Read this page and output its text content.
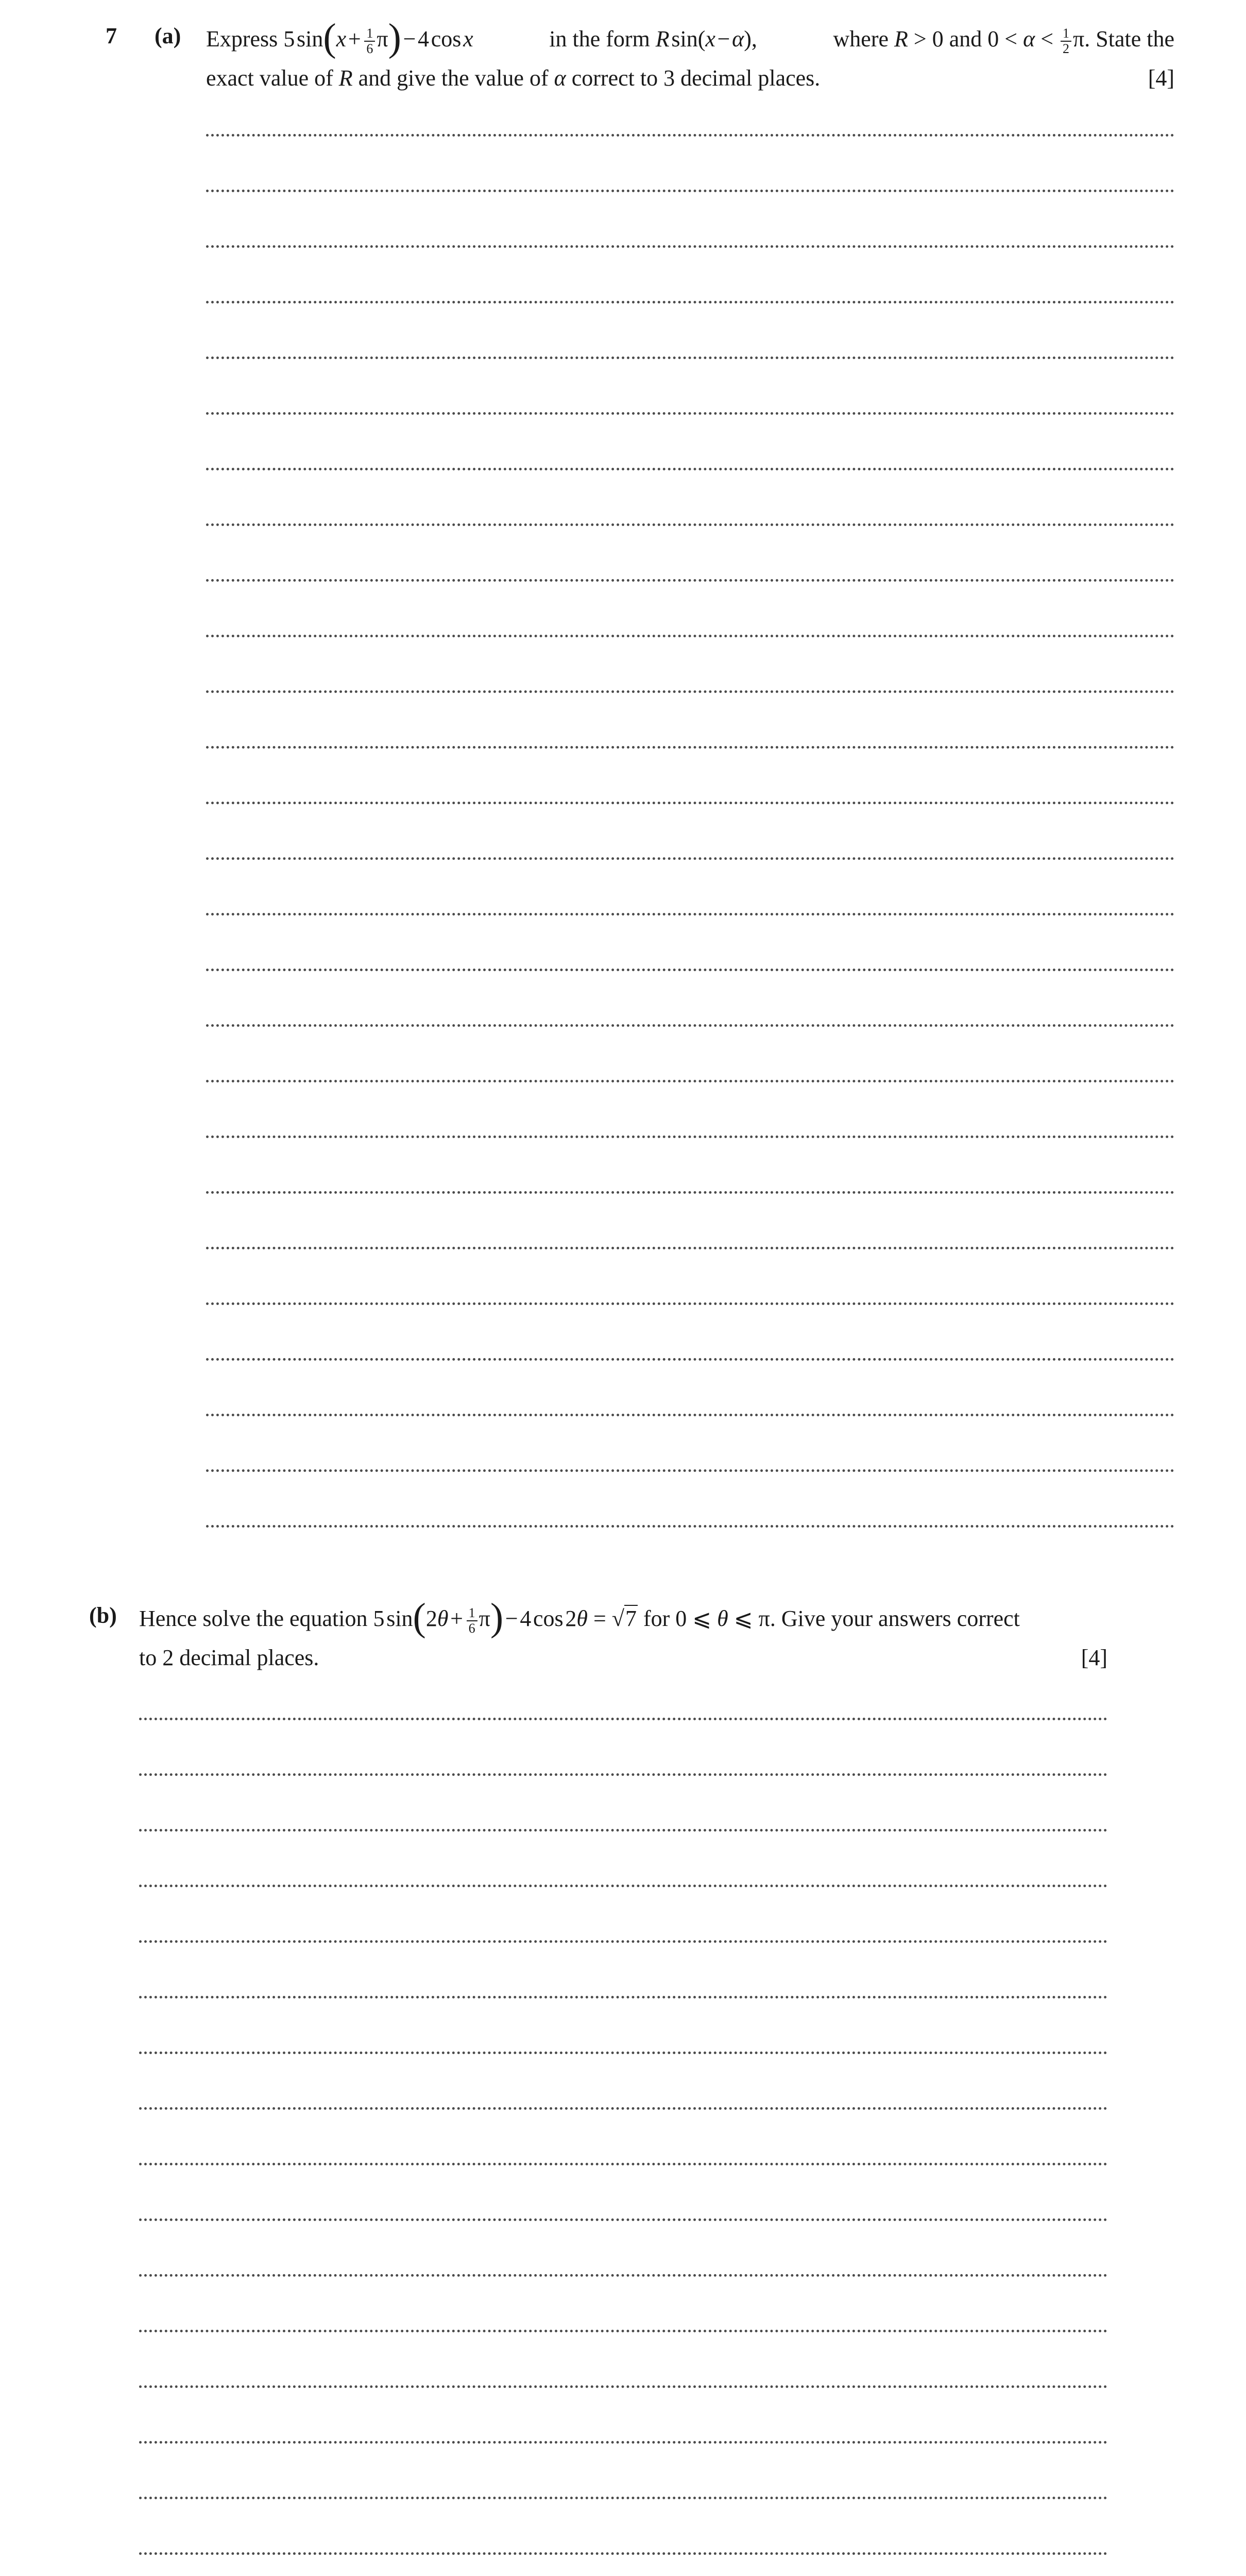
7 (a) Express 5 sin(x +  $\frac{1}{6} \pi$) − 4 cos x	in the form R sin(x − α),	where R > 0 and $0 < \alpha < \frac{1}{2} \pi$. State the
exact value of R and give the value of α correct to 3 decimal places.	[4]
(b) Hence solve the equation 5 sin(2θ +  $\frac{1}{6} \pi$) − 4 cos 2θ = √7 for 0 ⩽ θ ⩽ π. Give your answers correct
to 2 decimal places.	[4]
